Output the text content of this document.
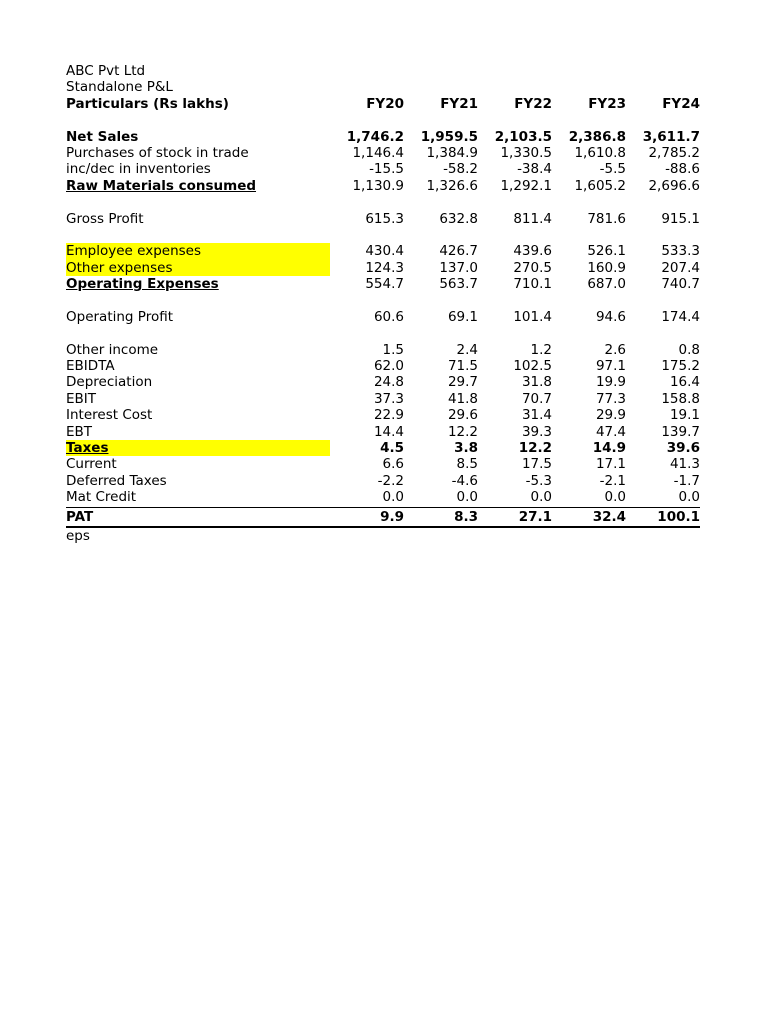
ABC Pvt Ltd
Standalone P&L
Particulars (Rs lakhs)	FY20	FY21	FY22	FY23	FY24
Net Sales	1,746.2	1,959.5	2,103.5	2,386.8	3,611.7
Purchases of stock in trade	1,146.4	1,384.9	1,330.5	1,610.8	2,785.2
inc/dec in inventories	-15.5	-58.2	-38.4	-5.5	-88.6
Raw Materials consumed	1,130.9	1,326.6	1,292.1	1,605.2	2,696.6
Gross Profit	615.3	632.8	811.4	781.6	915.1
Employee expenses	430.4	426.7	439.6	526.1	533.3
Other expenses	124.3	137.0	270.5	160.9	207.4
Operating Expenses	554.7	563.7	710.1	687.0	740.7
Operating Profit	60.6	69.1	101.4	94.6	174.4
Other income	1.5	2.4	1.2	2.6	0.8
EBIDTA	62.0	71.5	102.5	97.1	175.2
Depreciation	24.8	29.7	31.8	19.9	16.4
EBIT	37.3	41.8	70.7	77.3	158.8
Interest Cost	22.9	29.6	31.4	29.9	19.1
EBT	14.4	12.2	39.3	47.4	139.7
Taxes	4.5	3.8	12.2	14.9	39.6
Current	6.6	8.5	17.5	17.1	41.3
Deferred Taxes	-2.2	-4.6	-5.3	-2.1	-1.7
Mat Credit	0.0	0.0	0.0	0.0	0.0
PAT	9.9	8.3	27.1	32.4	100.1
eps
